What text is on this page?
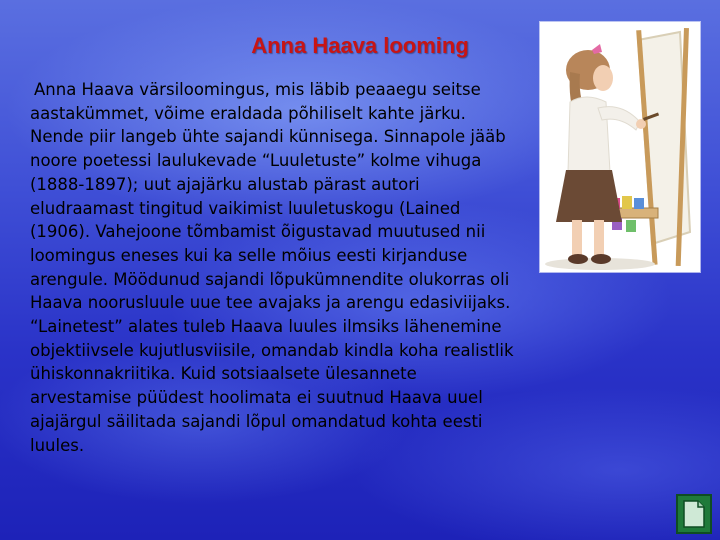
Anna Haava looming

Anna Haava värsiloomingus, mis läbib peaaegu seitse aastakümmet, võime eraldada põhiliselt kahte järku. Nende piir langeb ühte sajandi künnisega. Sinnapole jääb noore poetessi laulukevade “Luuletuste” kolme vihuga (1888-1897); uut ajajärku alustab pärast autori eludraamast tingitud vaikimist luuletuskogu (Lained (1906). Vahejoone tõmbamist õigustavad muutused nii loomingus eneses kui ka selle mõius eesti kirjanduse arengule. Möödunud sajandi lõpukümnendite olukorras oli Haava noorusluule uue tee avajaks ja arengu edasiviijaks. “Lainetest” alates tuleb Haava luules ilmsiks lähenemine objektiivsele kujutlusviisile, omandab kindla koha realistlik ühiskonnakriitika. Kuid sotsiaalsete ülesannete arvestamise püüdest hoolimata ei suutnud Haava uuel ajajärgul säilitada sajandi lõpul omandatud kohta eesti luules.
